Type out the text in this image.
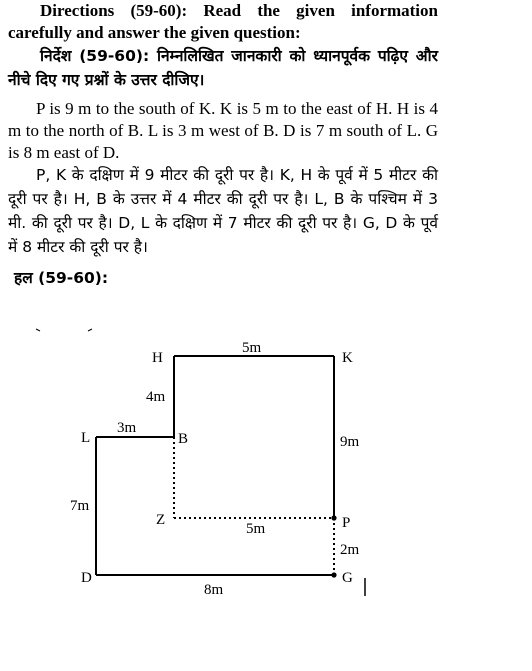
Directions (59-60): Read the given information carefully and answer the given question:

निर्देश (59-60): निम्नलिखित जानकारी को ध्यानपूर्वक पढ़िए और नीचे दिए गए प्रश्नों के उत्तर दीजिए।

P is 9 m to the south of K. K is 5 m to the east of H. H is 4 m to the north of B. L is 3 m west of B. D is 7 m south of L. G is 8 m east of D.

P, K के दक्षिण में 9 मीटर की दूरी पर है। K, H के पूर्व में 5 मीटर की दूरी पर है। H, B के उत्तर में 4 मीटर की दूरी पर है। L, B के पश्चिम में 3 मी. की दूरी पर है। D, L के दक्षिण में 7 मीटर की दूरी पर है। G, D के पूर्व में 8 मीटर की दूरी पर है।

हल (59-60):

H	K
L	B
Z	P
D	G
5m
4m
3m
9m
7m
5m
2m
8m
